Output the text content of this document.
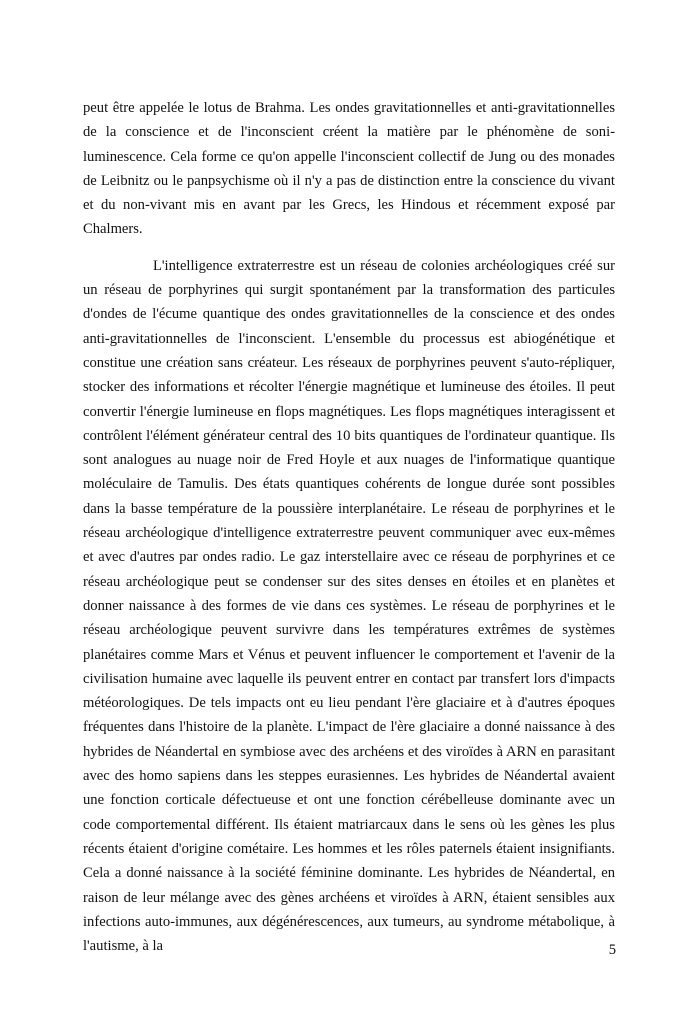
peut être appelée le lotus de Brahma. Les ondes gravitationnelles et anti-gravitationnelles de la conscience et de l'inconscient créent la matière par le phénomène de soni-luminescence. Cela forme ce qu'on appelle l'inconscient collectif de Jung ou des monades de Leibnitz ou le panpsychisme où il n'y a pas de distinction entre la conscience du vivant et du non-vivant mis en avant par les Grecs, les Hindous et récemment exposé par Chalmers.

L'intelligence extraterrestre est un réseau de colonies archéologiques créé sur un réseau de porphyrines qui surgit spontanément par la transformation des particules d'ondes de l'écume quantique des ondes gravitationnelles de la conscience et des ondes anti-gravitationnelles de l'inconscient. L'ensemble du processus est abiogénétique et constitue une création sans créateur. Les réseaux de porphyrines peuvent s'auto-répliquer, stocker des informations et récolter l'énergie magnétique et lumineuse des étoiles. Il peut convertir l'énergie lumineuse en flops magnétiques. Les flops magnétiques interagissent et contrôlent l'élément générateur central des 10 bits quantiques de l'ordinateur quantique. Ils sont analogues au nuage noir de Fred Hoyle et aux nuages de l'informatique quantique moléculaire de Tamulis. Des états quantiques cohérents de longue durée sont possibles dans la basse température de la poussière interplanétaire. Le réseau de porphyrines et le réseau archéologique d'intelligence extraterrestre peuvent communiquer avec eux-mêmes et avec d'autres par ondes radio. Le gaz interstellaire avec ce réseau de porphyrines et ce réseau archéologique peut se condenser sur des sites denses en étoiles et en planètes et donner naissance à des formes de vie dans ces systèmes. Le réseau de porphyrines et le réseau archéologique peuvent survivre dans les températures extrêmes de systèmes planétaires comme Mars et Vénus et peuvent influencer le comportement et l'avenir de la civilisation humaine avec laquelle ils peuvent entrer en contact par transfert lors d'impacts météorologiques. De tels impacts ont eu lieu pendant l'ère glaciaire et à d'autres époques fréquentes dans l'histoire de la planète. L'impact de l'ère glaciaire a donné naissance à des hybrides de Néandertal en symbiose avec des archéens et des viroïdes à ARN en parasitant avec des homo sapiens dans les steppes eurasiennes. Les hybrides de Néandertal avaient une fonction corticale défectueuse et ont une fonction cérébelleuse dominante avec un code comportemental différent. Ils étaient matriarcaux dans le sens où les gènes les plus récents étaient d'origine cométaire. Les hommes et les rôles paternels étaient insignifiants. Cela a donné naissance à la société féminine dominante. Les hybrides de Néandertal, en raison de leur mélange avec des gènes archéens et viroïdes à ARN, étaient sensibles aux infections auto-immunes, aux dégénérescences, aux tumeurs, au syndrome métabolique, à l'autisme, à la	5
